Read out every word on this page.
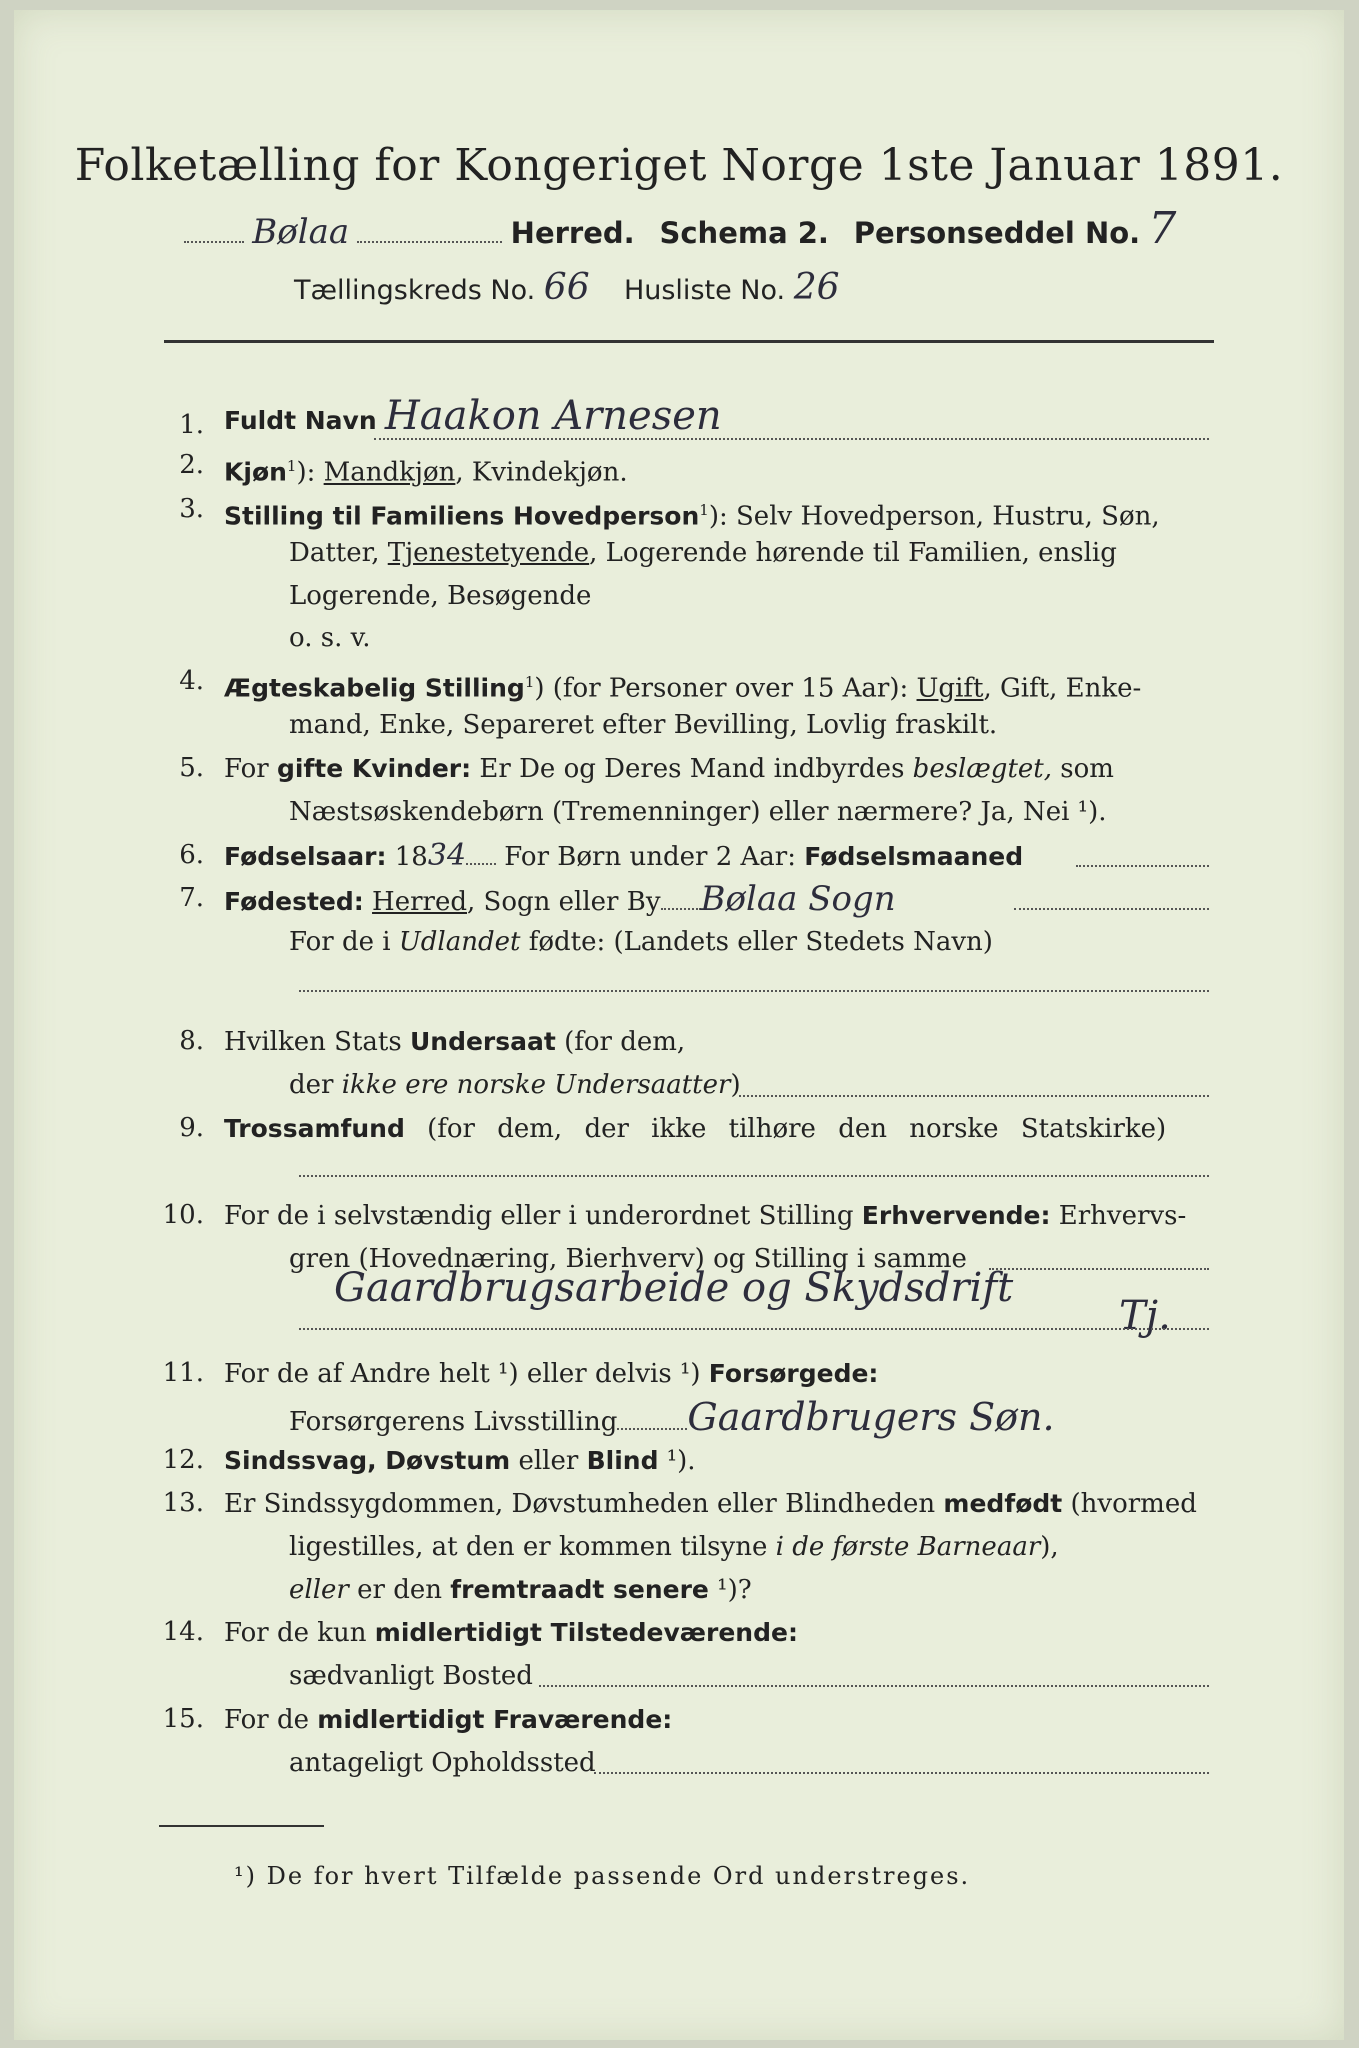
Folketælling for Kongeriget Norge 1ste Januar 1891.
Bølaa	Herred. Schema 2. Personseddel No. 7
Tællingskreds No. 66 Husliste No. 26
1. Fuldt Navn Haakon Arnesen
2. Kjøn$^1$): Mandkjøn, Kvindekjøn.
3. Stilling til Familiens Hovedperson$^1$): Selv Hovedperson, Hustru, Søn,
Datter, Tjenestetyende, Logerende hørende til Familien, enslig
Logerende, Besøgende
o. s. v.
4. Ægteskabelig Stilling$^1$) (for Personer over 15 Aar): Ugift, Gift, Enke-
mand, Enke, Separeret efter Bevilling, Lovlig fraskilt.
5. For gifte Kvinder: Er De og Deres Mand indbyrdes beslægtet, som
Næstsøskendebørn (Tremenninger) eller nærmere? Ja, Nei ¹).
6. Fødselsaar: 1834 For Børn under 2 Aar: Fødselsmaaned
7. Fødested: Herred, Sogn eller By Bølaa Sogn
For de i Udlandet fødte: (Landets eller Stedets Navn)
8. Hvilken Stats Undersaat (for dem,
der ikke ere norske Undersaatter)
9. Trossamfund (for dem, der ikke tilhøre den norske Statskirke)
10. For de i selvstændig eller i underordnet Stilling Erhvervende: Erhvervs-
gren (Hovednæring, Bierhverv) og Stilling i samme
Gaardbrugsarbeide og Skydsdrift
Tj.
11. For de af Andre helt ¹) eller delvis ¹) Forsørgede:
Forsørgerens Livsstilling Gaardbrugers Søn.
12. Sindssvag, Døvstum eller Blind ¹).
13. Er Sindssygdommen, Døvstumheden eller Blindheden medfødt (hvormed
ligestilles, at den er kommen tilsyne i de første Barneaar),
eller er den fremtraadt senere ¹)?
14. For de kun midlertidigt Tilstedeværende:
sædvanligt Bosted
15. For de midlertidigt Fraværende:
antageligt Opholdssted
¹) De for hvert Tilfælde passende Ord understreges.
